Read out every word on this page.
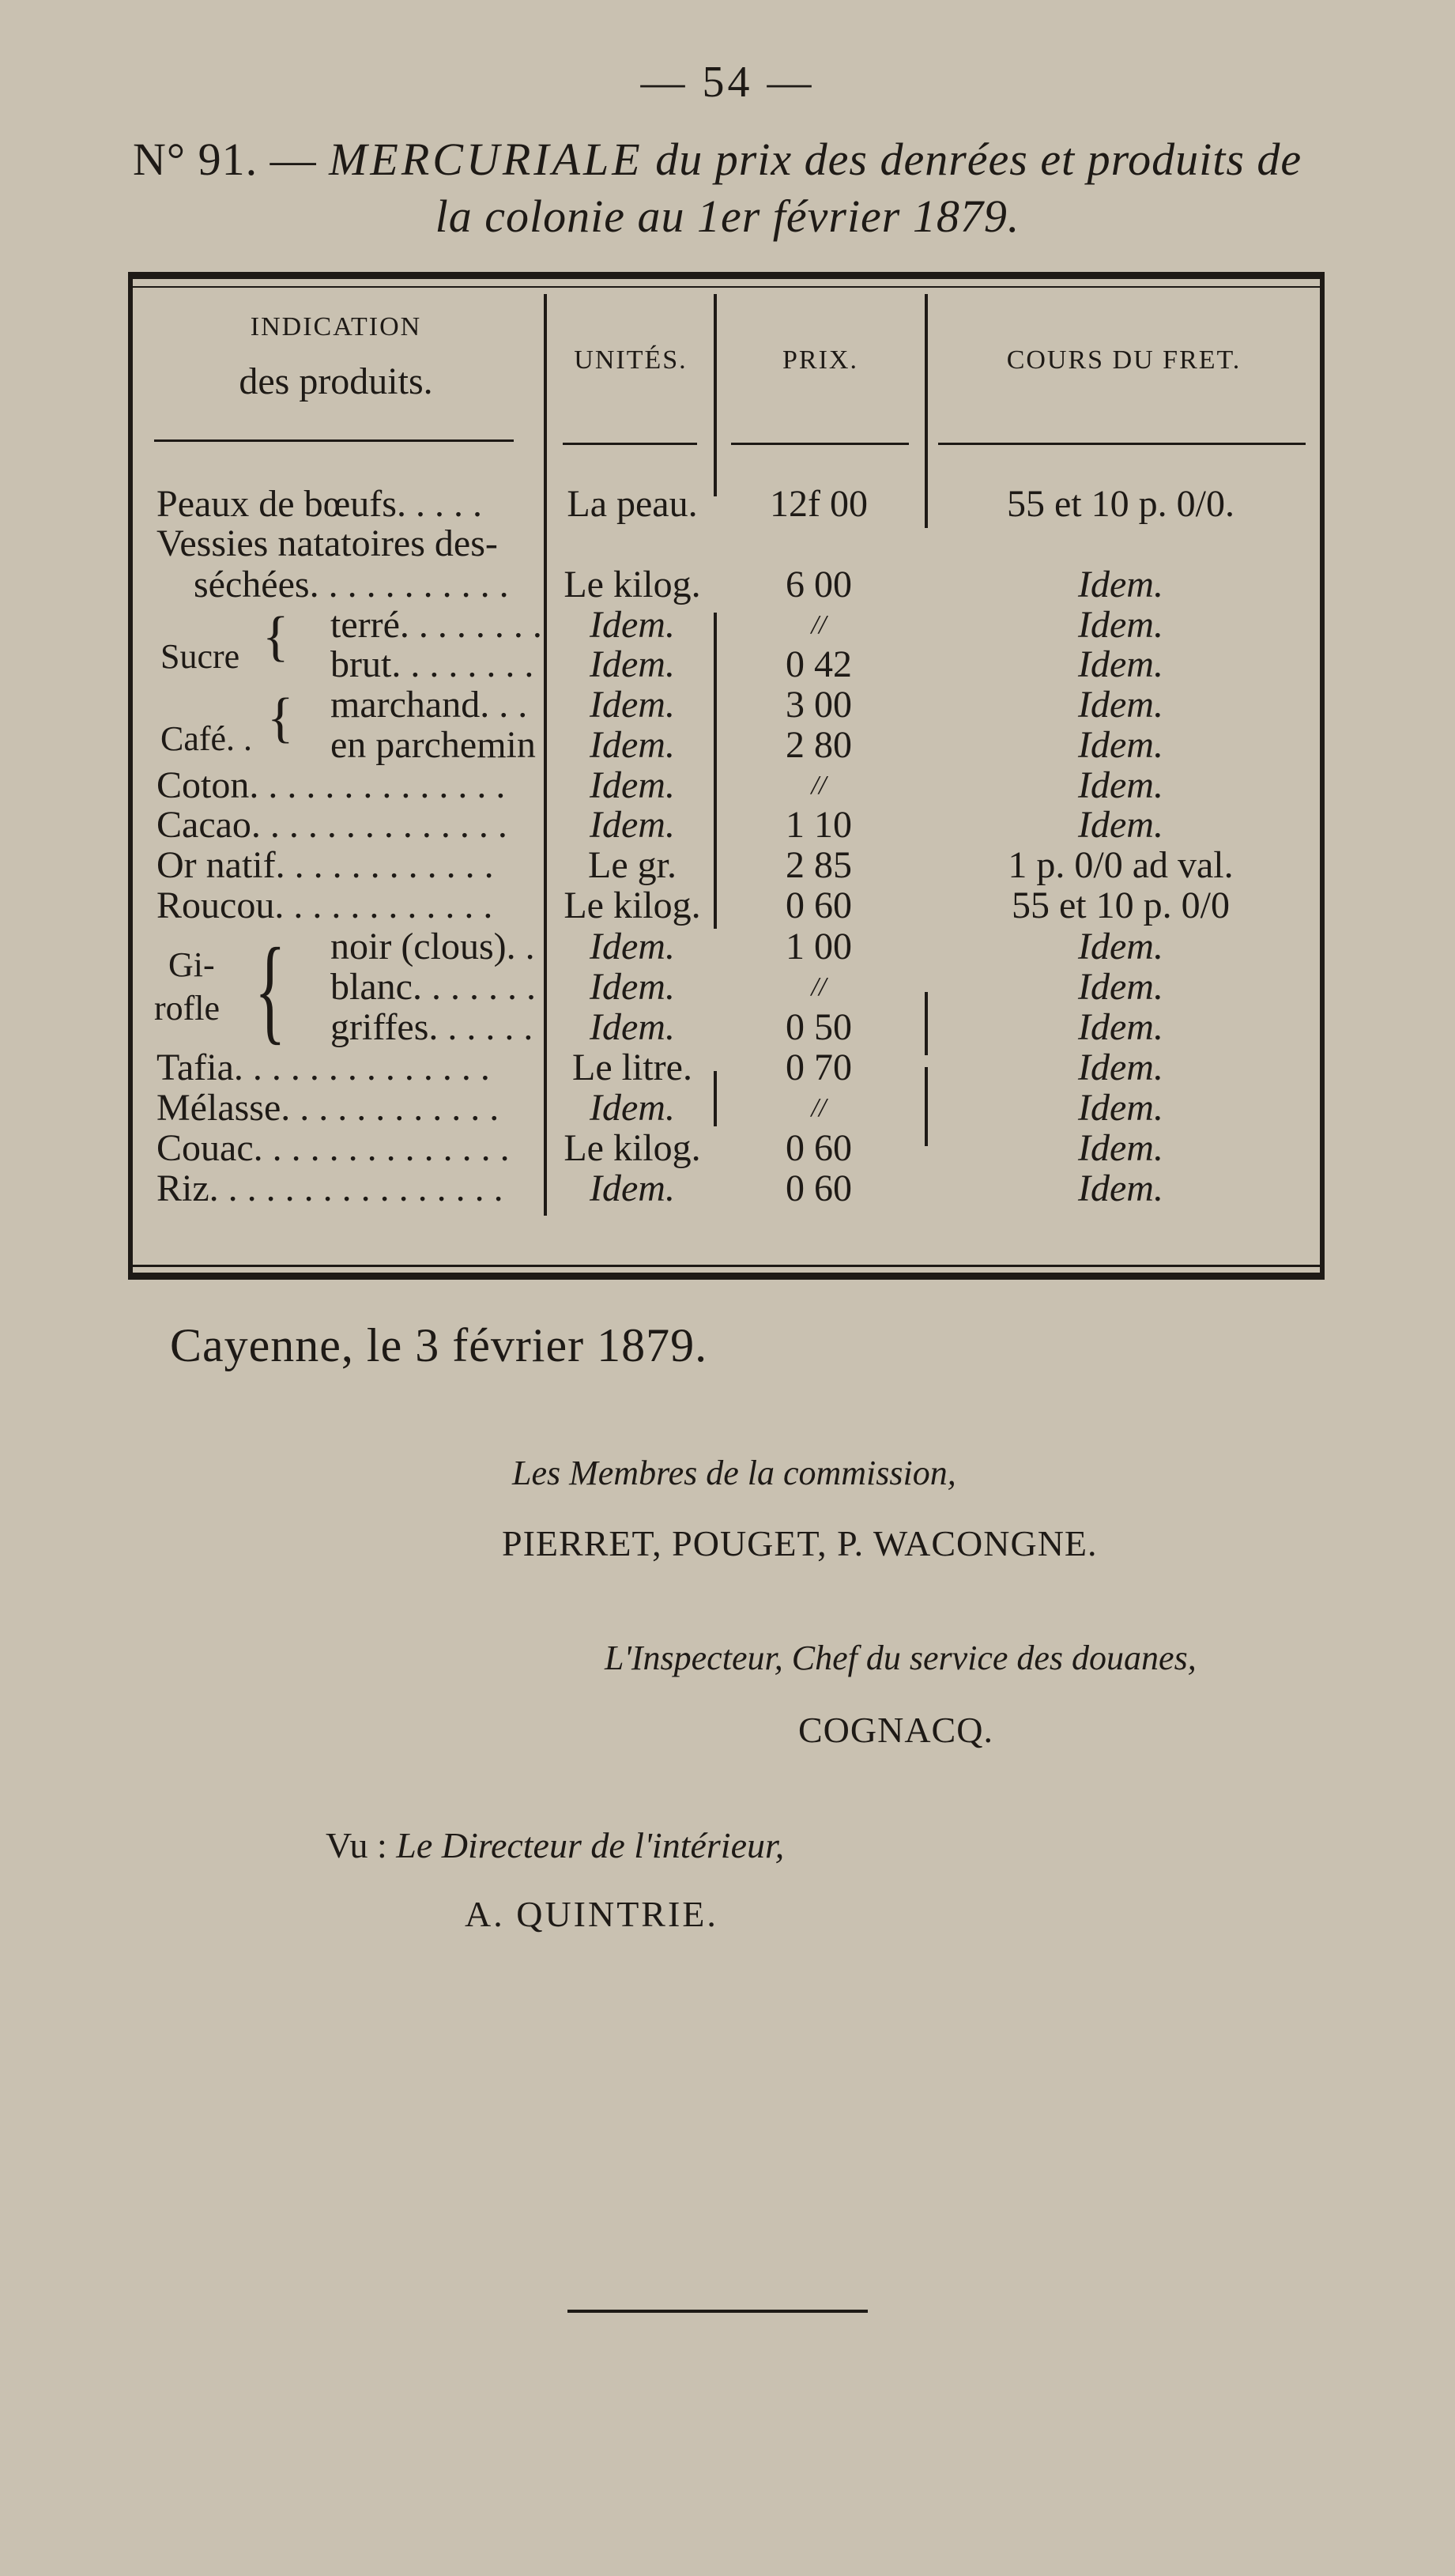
— 54 —
N° 91. — MERCURIALE du prix des denrées et produits de
la colonie au 1er février 1879.
INDICATION
des produits.
UNITÉS.	PRIX.	COURS DU FRET.
Sucre {
Café. . {
Gi-
rofle {
Peaux de bœufs. . . . .	La peau.	12f 00	55 et 10 p. 0/0.
Vessies natatoires des-
séchées. . . . . . . . . . . Le kilog.	6 00	Idem.
terré. . . . . . . .	Idem.	//	Idem.
brut. . . . . . . .	Idem.	0 42	Idem.
marchand. . .	Idem.	3 00	Idem.
en parchemin	Idem.	2 80	Idem.
Coton. . . . . . . . . . . . . .	Idem.	//	Idem.
Cacao. . . . . . . . . . . . . .	Idem.	1 10	Idem.
Or natif. . . . . . . . . . . .	Le gr.	2 85	1 p. 0/0 ad val.
Roucou. . . . . . . . . . . . Le kilog.	0 60	55 et 10 p. 0/0
noir (clous). .	Idem.	1 00	Idem.
blanc. . . . . . .	Idem.	//	Idem.
griffes. . . . . .	Idem.	0 50	Idem.
Tafia. . . . . . . . . . . . . .	Le litre.	0 70	Idem.
Mélasse. . . . . . . . . . . .	Idem.	//	Idem.
Couac. . . . . . . . . . . . . . Le kilog.	0 60	Idem.
Riz. . . . . . . . . . . . . . . .	Idem.	0 60	Idem.
Cayenne, le 3 février 1879.
Les Membres de la commission,
PIERRET, POUGET, P. WACONGNE.
L'Inspecteur, Chef du service des douanes,
COGNACQ.
Vu : Le Directeur de l'intérieur,
A. QUINTRIE.
